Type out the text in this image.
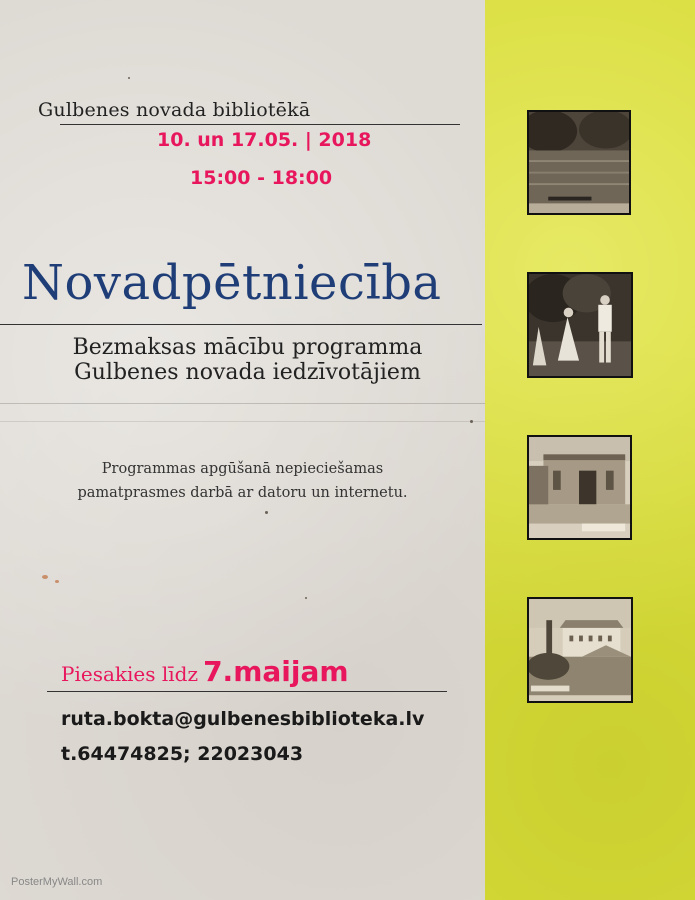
Gulbenes novada bibliotēkā
10. un 17.05. | 2018
15:00 - 18:00
Novadpētniecība
Bezmaksas mācību programma
Gulbenes novada iedzīvotājiem
Programmas apgūšanā nepieciešamas
pamatprasmes darbā ar datoru un internetu.
Piesakies līdz 7.maijam
ruta.bokta@gulbenesbiblioteka.lv
t.64474825; 22023043
PosterMyWall.com
